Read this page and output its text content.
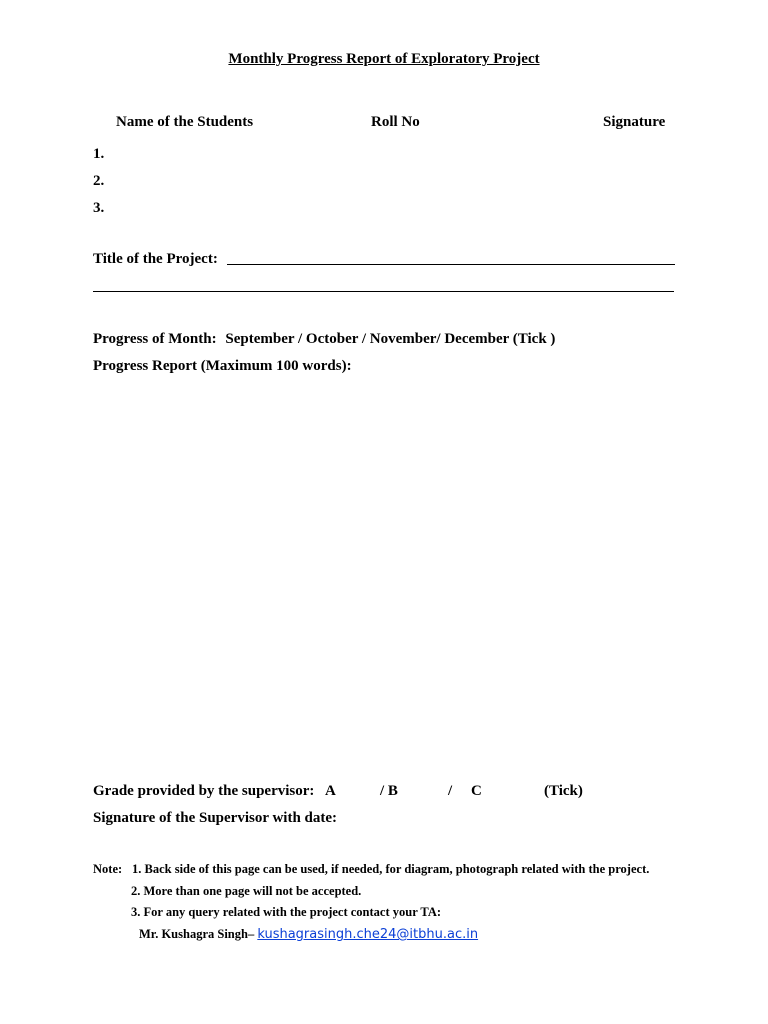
Monthly Progress Report of Exploratory Project
Name of the Students	Roll No	Signature
1.
2.
3.
Title of the Project:
Progress of Month: September / October / November/ December (Tick )
Progress Report (Maximum 100 words):
Grade provided by the supervisor: A	/ B	/ C	(Tick)
Signature of the Supervisor with date:
Note: 1. Back side of this page can be used, if needed, for diagram, photograph related with the project.
2. More than one page will not be accepted.
3. For any query related with the project contact your TA:
Mr. Kushagra Singh– kushagrasingh.che24@itbhu.ac.in
